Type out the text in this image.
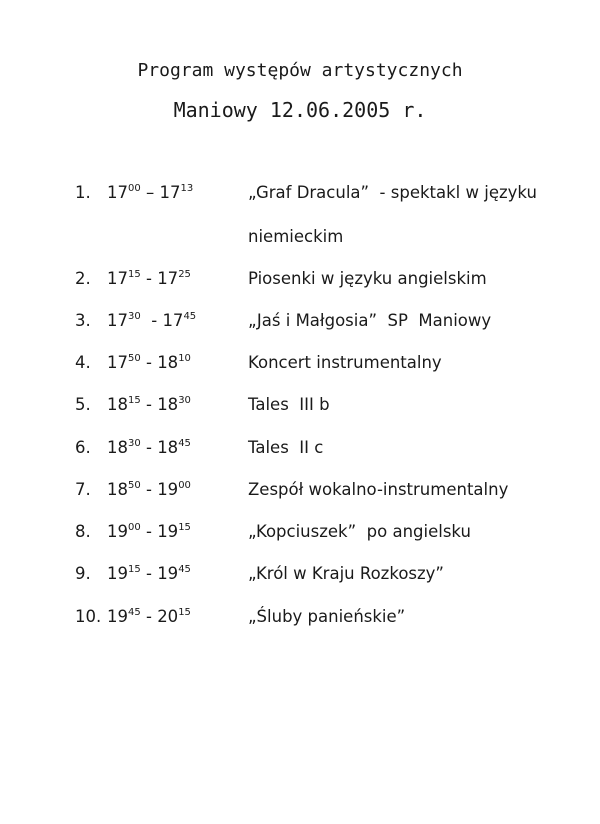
Program występów artystycznych
Maniowy 12.06.2005 r.
1. $17^{00} - 17^{13}$	„Graf Dracula”  - spektakl w języku
niemieckim
2. $17^{15} - 17^{25}$	Piosenki w języku angielskim
3. $17^{30} - 17^{45}$	„Jaś i Małgosia”  SP  Maniowy
4. $17^{50} - 18^{10}$	Koncert instrumentalny
5. $18^{15} - 18^{30}$	Tales  III b
6. $18^{30} - 18^{45}$	Tales  II c
7. $18^{50} - 19^{00}$	Zespół wokalno-instrumentalny
8. $19^{00} - 19^{15}$	„Kopciuszek”  po angielsku
9. $19^{15} - 19^{45}$	„Król w Kraju Rozkoszy”
10. $19^{45} - 20^{15}$	„Śluby panieńskie”
